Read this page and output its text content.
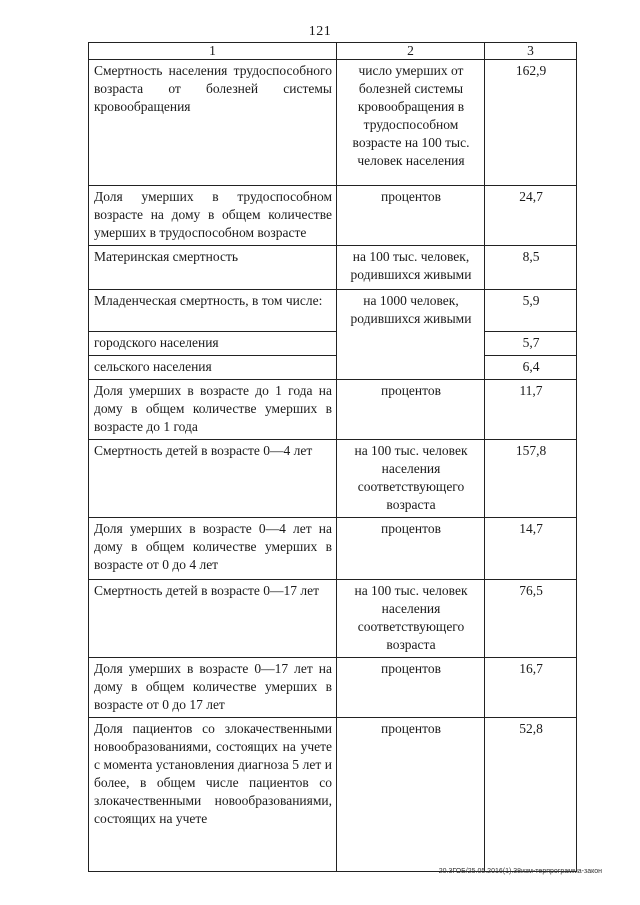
121
1	2	3
Смертность населения трудоспособного возраста от болезней системы кровообращения	число умерших от болезней системы кровообращения в трудоспособном возрасте на 100 тыс. человек населения	162,9
Доля умерших в трудоспособном возрасте на дому в общем количестве умерших в трудоспособном возрасте	процентов	24,7
Материнская смертность	на 100 тыс. человек, родившихся живыми	8,5
Младенческая смертность, в том числе:	на 1000 человек, родившихся живыми	5,9
городского населения		5,7
сельского населения		6,4
Доля умерших в возрасте до 1 года на дому в общем количестве умерших в возрасте до 1 года	процентов	11,7
Смертность детей в возрасте 0—4 лет	на 100 тыс. человек населения соответствующего возраста	157,8
Доля умерших в возрасте 0—4 лет на дому в общем количестве умерших в возрасте от 0 до 4 лет	процентов	14,7
Смертность детей в возрасте 0—17 лет	на 100 тыс. человек населения соответствующего возраста	76,5
Доля умерших в возрасте 0—17 лет на дому в общем количестве умерших в возрасте от 0 до 17 лет	процентов	16,7
Доля пациентов со злокачественными новообразованиями, состоящих на учете с момента установления диагноза 5 лет и более, в общем числе пациентов со злокачественными новообразованиями, состоящих на учете	процентов	52,8
20.3ГОБ/25.05.2016(1).38изм-терпрограмма-закон
